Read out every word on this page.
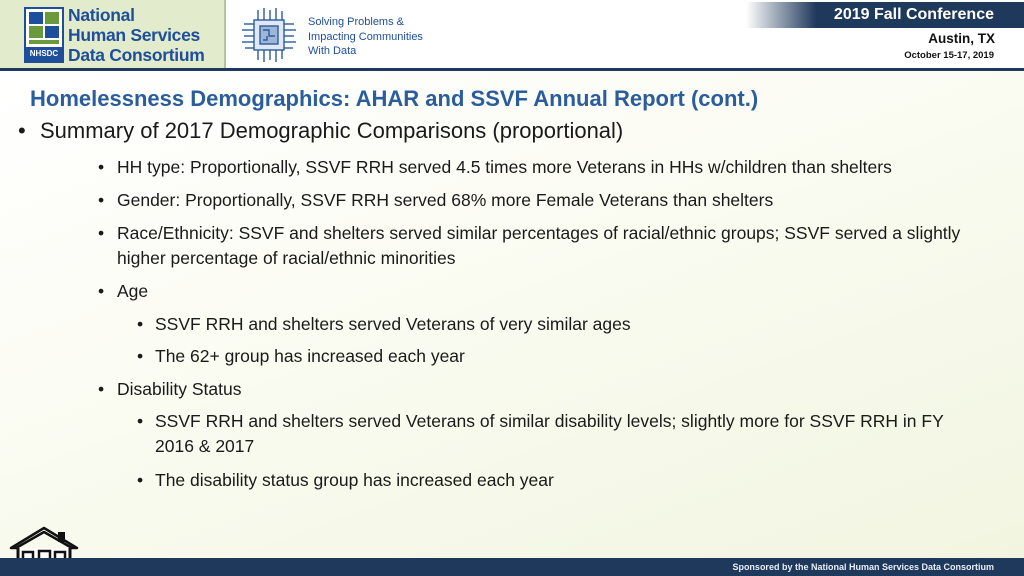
NHSDC
National
Human Services
Data Consortium
Solving Problems &
Impacting Communities
With Data
2019 Fall Conference
Austin, TX
October 15-17, 2019
Homelessness Demographics: AHAR and SSVF Annual Report (cont.)
• Summary of 2017 Demographic Comparisons (proportional)
• HH type: Proportionally, SSVF RRH served 4.5 times more Veterans in HHs w/children than shelters
• Gender: Proportionally, SSVF RRH served 68% more Female Veterans than shelters
• Race/Ethnicity: SSVF and shelters served similar percentages of racial/ethnic groups; SSVF served a slightly higher percentage of racial/ethnic minorities
• Age
• SSVF RRH and shelters served Veterans of very similar ages
• The 62+ group has increased each year
• Disability Status
• SSVF RRH and shelters served Veterans of similar disability levels; slightly more for SSVF RRH in FY 2016 & 2017
• The disability status group has increased each year
Sponsored by the National Human Services Data Consortium
